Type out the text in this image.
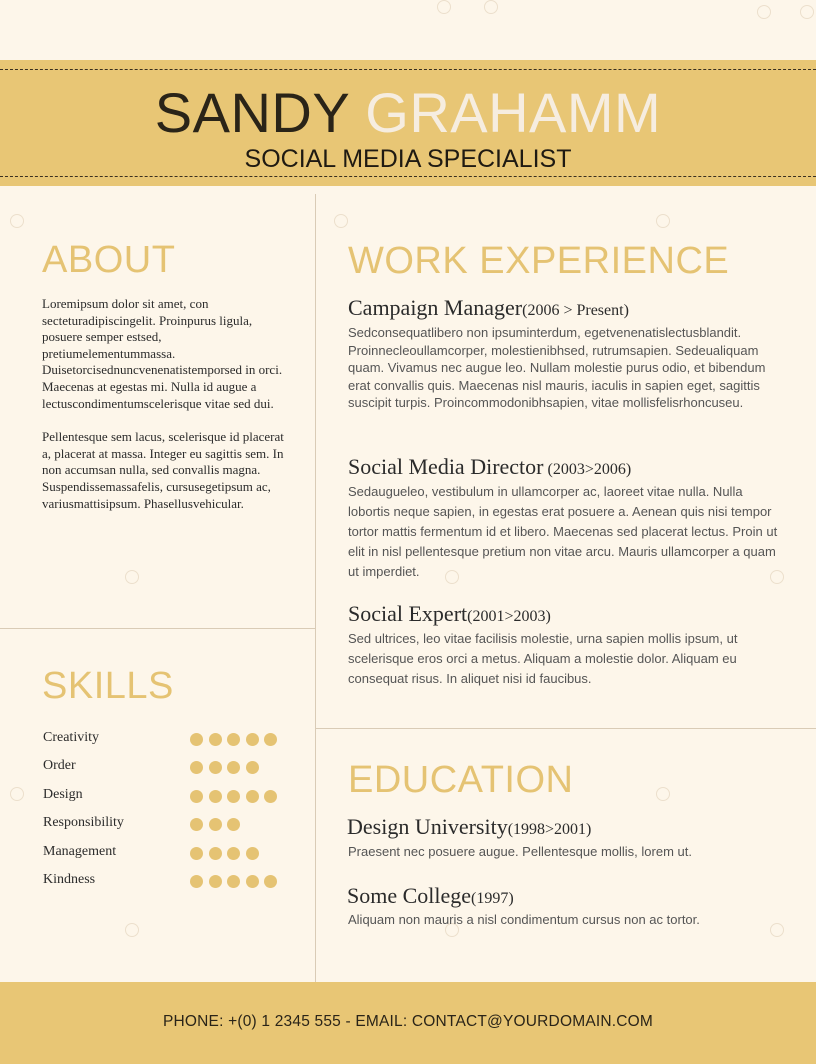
SANDY GRAHAMM
SOCIAL MEDIA SPECIALIST
ABOUT

Loremipsum dolor sit amet, con secteturadipiscingelit. Proinpurus ligula, posuere semper estsed, pretiumelementummassa. Duisetorcisednuncvenenatistemporsed in orci. Maecenas at egestas mi. Nulla id augue a lectuscondimentumscelerisque vitae sed dui.

Pellentesque sem lacus, scelerisque id placerat a, placerat at massa. Integer eu sagittis sem. In non accumsan nulla, sed convallis magna. Suspendissemassafelis, cursusegetipsum ac, variusmattisipsum. Phasellusvehicular.

SKILLS
Creativity
Order
Design
Responsibility
Management
Kindness
WORK EXPERIENCE
Campaign Manager(2006 > Present)
Sedconsequatlibero non ipsuminterdum, egetvenenatislectusblandit. Proinnecleoullamcorper, molestienibhsed, rutrumsapien. Sedeualiquam quam. Vivamus nec augue leo. Nullam molestie purus odio, et bibendum erat convallis quis. Maecenas nisl mauris, iaculis in sapien eget, sagittis suscipit turpis. Proincommodonibhsapien, vitae mollisfelisrhoncuseu.
Social Media Director (2003>2006)
Sedaugueleo, vestibulum in ullamcorper ac, laoreet vitae nulla. Nulla lobortis neque sapien, in egestas erat posuere a. Aenean quis nisi tempor tortor mattis fermentum id et libero. Maecenas sed placerat lectus. Proin ut elit in nisl pellentesque pretium non vitae arcu. Mauris ullamcorper a quam ut imperdiet.
Social Expert(2001>2003)
Sed ultrices, leo vitae facilisis molestie, urna sapien mollis ipsum, ut scelerisque eros orci a metus. Aliquam a molestie dolor. Aliquam eu consequat risus. In aliquet nisi id faucibus.
EDUCATION
Design University(1998>2001)
Praesent nec posuere augue. Pellentesque mollis, lorem ut.
Some College(1997)
Aliquam non mauris a nisl condimentum cursus non ac tortor.
PHONE: +(0) 1 2345 555 - EMAIL: CONTACT@YOURDOMAIN.COM
